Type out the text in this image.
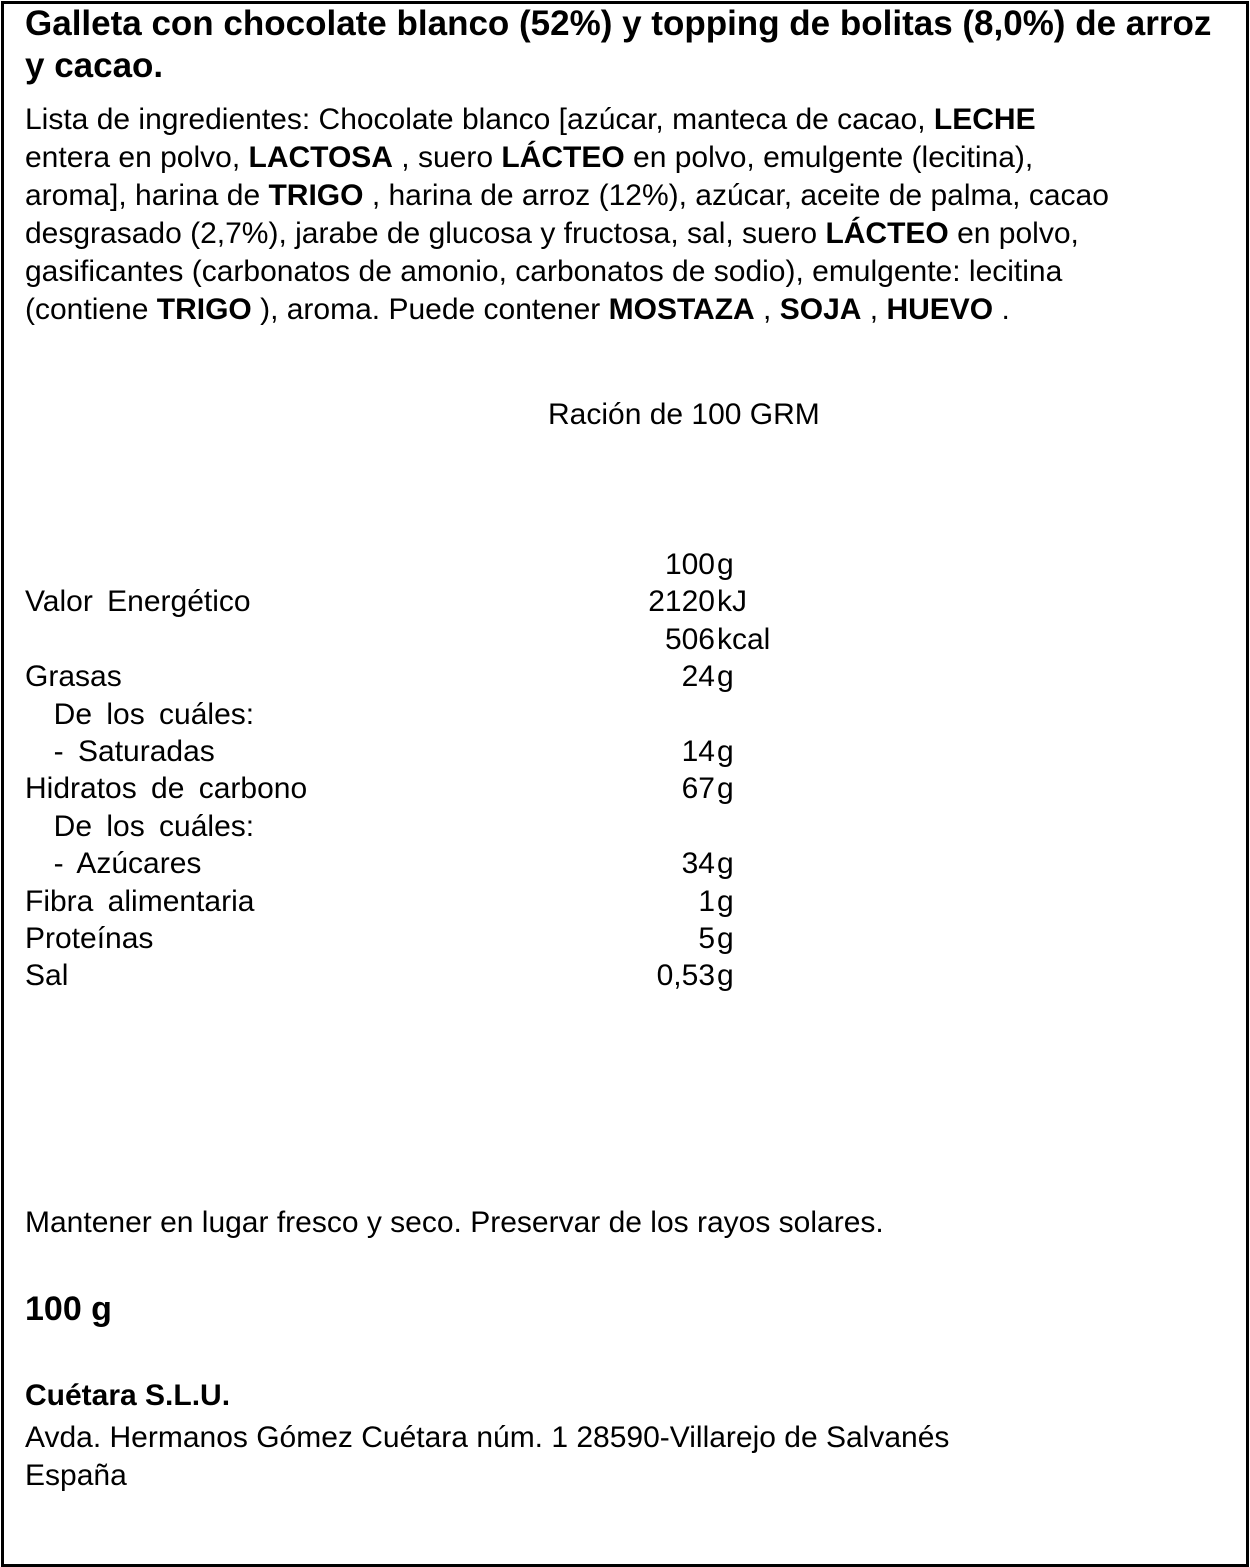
Galleta con chocolate blanco (52%) y topping de bolitas (8,0%) de arroz y cacao.

Lista de ingredientes: Chocolate blanco [azúcar, manteca de cacao, LECHE
entera en polvo, LACTOSA , suero LÁCTEO en polvo, emulgente (lecitina),
aroma], harina de TRIGO , harina de arroz (12%), azúcar, aceite de palma, cacao
desgrasado (2,7%), jarabe de glucosa y fructosa, sal, suero LÁCTEO en polvo,
gasificantes (carbonatos de amonio, carbonatos de sodio), emulgente: lecitina
(contiene TRIGO ), aroma. Puede contener MOSTAZA , SOJA , HUEVO .

Ración de 100 GRM
100 g
Valor Energético	2120 kJ
506 kcal
Grasas	24 g
De los cuáles:
- Saturadas	14 g
Hidratos de carbono	67 g
De los cuáles:
- Azúcares	34 g
Fibra alimentaria	1 g
Proteínas	5 g
Sal	0,53 g
Mantener en lugar fresco y seco. Preservar de los rayos solares.
100 g
Cuétara S.L.U.
Avda. Hermanos Gómez Cuétara núm. 1 28590-Villarejo de Salvanés
España
